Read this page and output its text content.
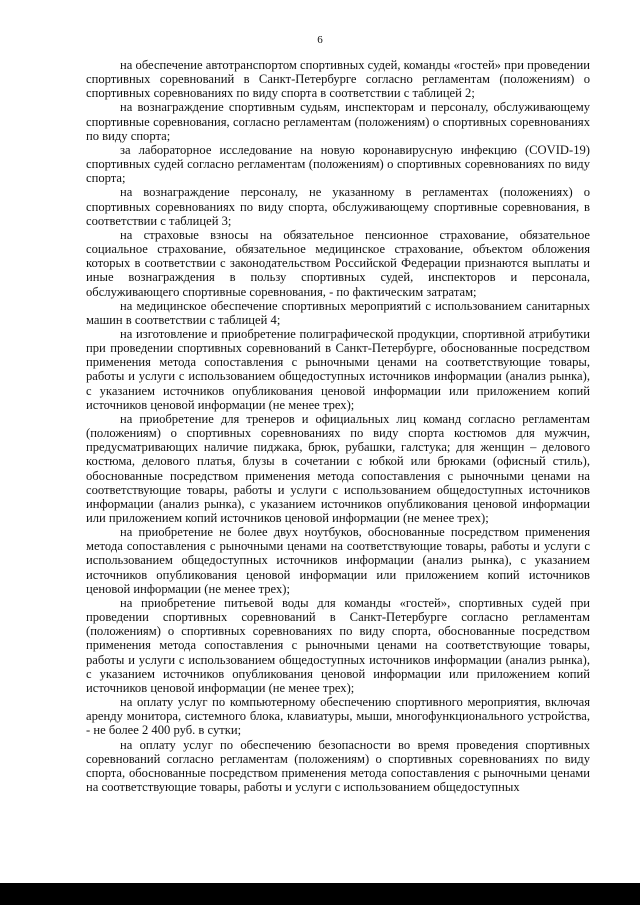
6

на обеспечение автотранспортом спортивных судей, команды «гостей» при проведении спортивных соревнований в Санкт-Петербурге согласно регламентам (положениям) о спортивных соревнованиях по виду спорта в соответствии с таблицей 2;

на вознаграждение спортивным судьям, инспекторам и персоналу, обслуживающему спортивные соревнования, согласно регламентам (положениям) о спортивных соревнованиях по виду спорта;

за лабораторное исследование на новую коронавирусную инфекцию (COVID-19) спортивных судей согласно регламентам (положениям) о спортивных соревнованиях по виду спорта;

на вознаграждение персоналу, не указанному в регламентах (положениях) о спортивных соревнованиях по виду спорта, обслуживающему спортивные соревнования, в соответствии с таблицей 3;

на страховые взносы на обязательное пенсионное страхование, обязательное социальное страхование, обязательное медицинское страхование, объектом обложения которых в соответствии с законодательством Российской Федерации признаются выплаты и иные вознаграждения в пользу спортивных судей, инспекторов и персонала, обслуживающего спортивные соревнования, - по фактическим затратам;

на медицинское обеспечение спортивных мероприятий с использованием санитарных машин в соответствии с таблицей 4;

на изготовление и приобретение полиграфической продукции, спортивной атрибутики при проведении спортивных соревнований в Санкт-Петербурге, обоснованные посредством применения метода сопоставления с рыночными ценами на соответствующие товары, работы и услуги с использованием общедоступных источников информации (анализ рынка), с указанием источников опубликования ценовой информации или приложением копий источников ценовой информации (не менее трех);

на приобретение для тренеров и официальных лиц команд согласно регламентам (положениям) о спортивных соревнованиях по виду спорта костюмов для мужчин, предусматривающих наличие пиджака, брюк, рубашки, галстука; для женщин – делового костюма, делового платья, блузы в сочетании с юбкой или брюками (офисный стиль), обоснованные посредством применения метода сопоставления с рыночными ценами на соответствующие товары, работы и услуги с использованием общедоступных источников информации (анализ рынка), с указанием источников опубликования ценовой информации или приложением копий источников ценовой информации (не менее трех);

на приобретение не более двух ноутбуков, обоснованные посредством применения метода сопоставления с рыночными ценами на соответствующие товары, работы и услуги с использованием общедоступных источников информации (анализ рынка), с указанием источников опубликования ценовой информации или приложением копий источников ценовой информации (не менее трех);

на приобретение питьевой воды для команды «гостей», спортивных судей при проведении спортивных соревнований в Санкт-Петербурге согласно регламентам (положениям) о спортивных соревнованиях по виду спорта, обоснованные посредством применения метода сопоставления с рыночными ценами на соответствующие товары, работы и услуги с использованием общедоступных источников информации (анализ рынка), с указанием источников опубликования ценовой информации или приложением копий источников ценовой информации (не менее трех);

на оплату услуг по компьютерному обеспечению спортивного мероприятия, включая аренду монитора, системного блока, клавиатуры, мыши, многофункционального устройства, - не более 2 400 руб. в сутки;

на оплату услуг по обеспечению безопасности во время проведения спортивных соревнований согласно регламентам (положениям) о спортивных соревнованиях по виду спорта, обоснованные посредством применения метода сопоставления с рыночными ценами на соответствующие товары, работы и услуги с использованием общедоступных
